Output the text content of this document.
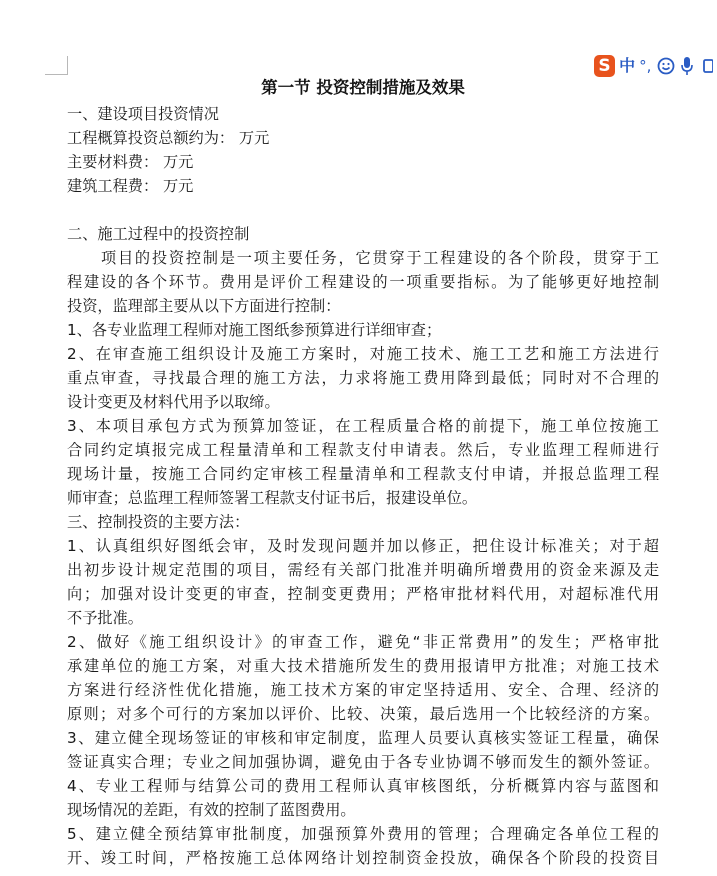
S 中 °,
第一节 投资控制措施及效果
一、建设项目投资情况
工程概算投资总额约为： 万元
主要材料费： 万元
建筑工程费： 万元
二、施工过程中的投资控制
项目的投资控制是一项主要任务，它贯穿于工程建设的各个阶段，贯穿于工
程建设的各个环节。费用是评价工程建设的一项重要指标。为了能够更好地控制
投资，监理部主要从以下方面进行控制：
1、各专业监理工程师对施工图纸参预算进行详细审查；
2、在审查施工组织设计及施工方案时，对施工技术、施工工艺和施工方法进行
重点审查，寻找最合理的施工方法，力求将施工费用降到最低；同时对不合理的
设计变更及材料代用予以取缔。
3、本项目承包方式为预算加签证，在工程质量合格的前提下，施工单位按施工
合同约定填报完成工程量清单和工程款支付申请表。然后，专业监理工程师进行
现场计量，按施工合同约定审核工程量清单和工程款支付申请，并报总监理工程
师审查；总监理工程师签署工程款支付证书后，报建设单位。
三、控制投资的主要方法：
1、认真组织好图纸会审，及时发现问题并加以修正，把住设计标准关；对于超
出初步设计规定范围的项目，需经有关部门批准并明确所增费用的资金来源及走
向；加强对设计变更的审查，控制变更费用；严格审批材料代用，对超标准代用
不予批准。
2、做好《施工组织设计》的审查工作，避免“非正常费用”的发生；严格审批
承建单位的施工方案，对重大技术措施所发生的费用报请甲方批准；对施工技术
方案进行经济性优化措施，施工技术方案的审定坚持适用、安全、合理、经济的
原则；对多个可行的方案加以评价、比较、决策，最后选用一个比较经济的方案。
3、建立健全现场签证的审核和审定制度，监理人员要认真核实签证工程量，确保
签证真实合理；专业之间加强协调，避免由于各专业协调不够而发生的额外签证。
4、专业工程师与结算公司的费用工程师认真审核图纸，分析概算内容与蓝图和
现场情况的差距，有效的控制了蓝图费用。
5、建立健全预结算审批制度，加强预算外费用的管理；合理确定各单位工程的
开、竣工时间，严格按施工总体网络计划控制资金投放，确保各个阶段的投资目
